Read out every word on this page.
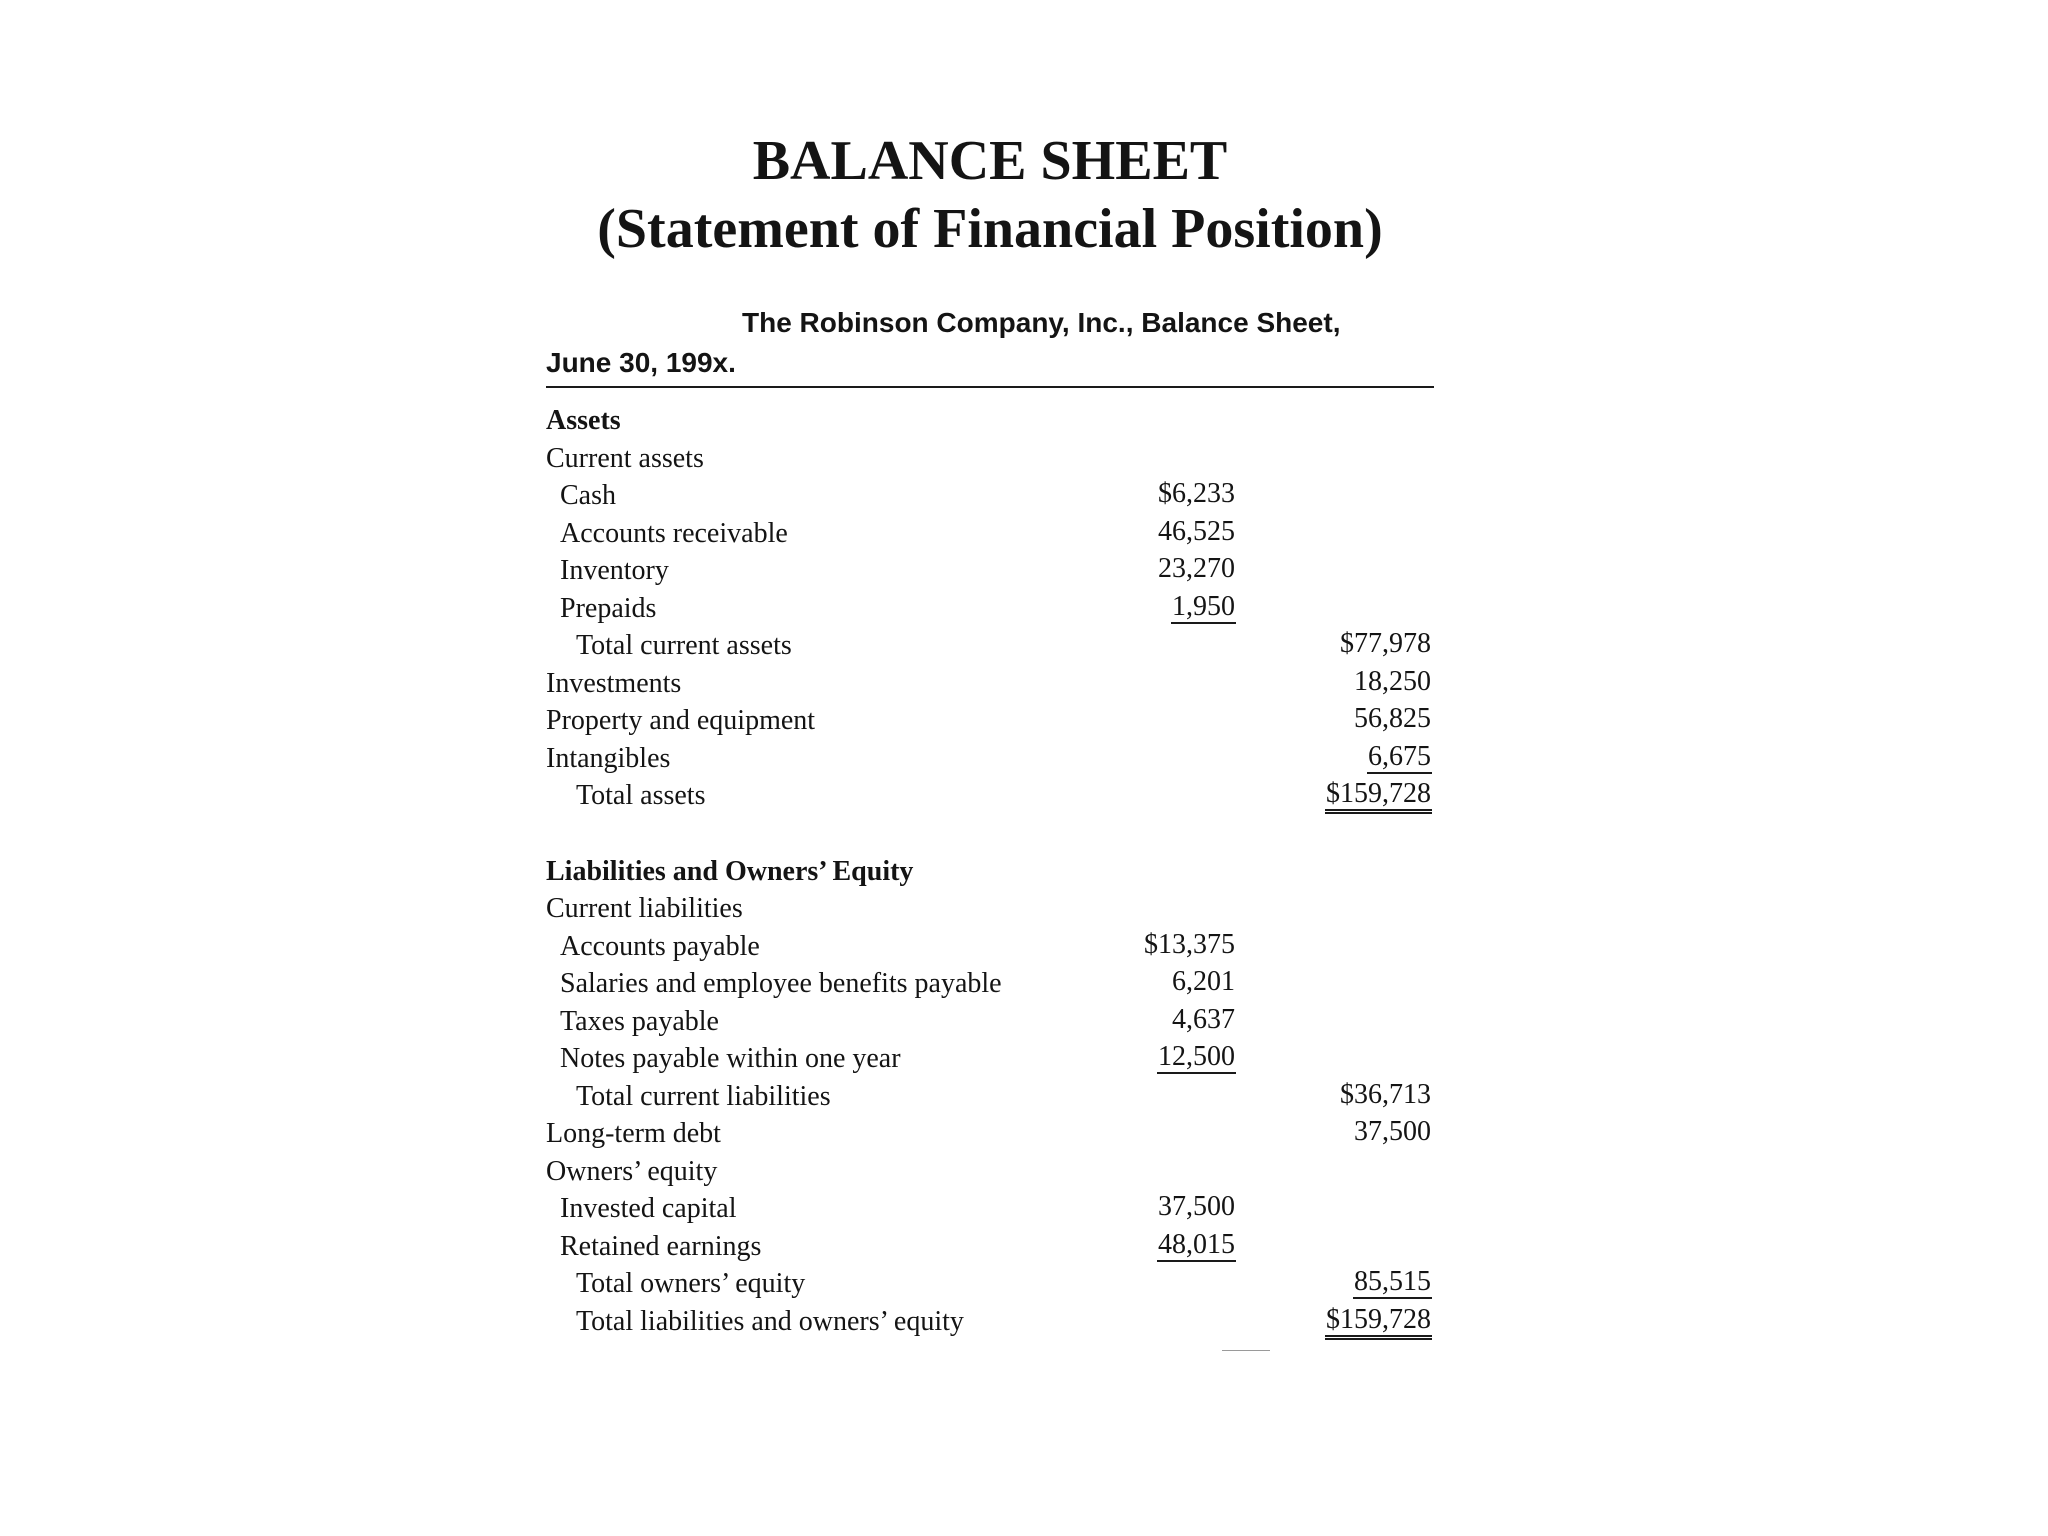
BALANCE SHEET
(Statement of Financial Position)

The Robinson Company, Inc., Balance Sheet,

June 30, 199x.

Assets
Current assets
Cash	$6,233
Accounts receivable	46,525
Inventory	23,270
Prepaids	1,950
Total current assets	$77,978
Investments	18,250
Property and equipment	56,825
Intangibles	6,675
Total assets	$159,728
Liabilities and Owners’ Equity
Current liabilities
Accounts payable	$13,375
Salaries and employee benefits payable	6,201
Taxes payable	4,637
Notes payable within one year	12,500
Total current liabilities	$36,713
Long-term debt	37,500
Owners’ equity
Invested capital	37,500
Retained earnings	48,015
Total owners’ equity	85,515
Total liabilities and owners’ equity	$159,728
